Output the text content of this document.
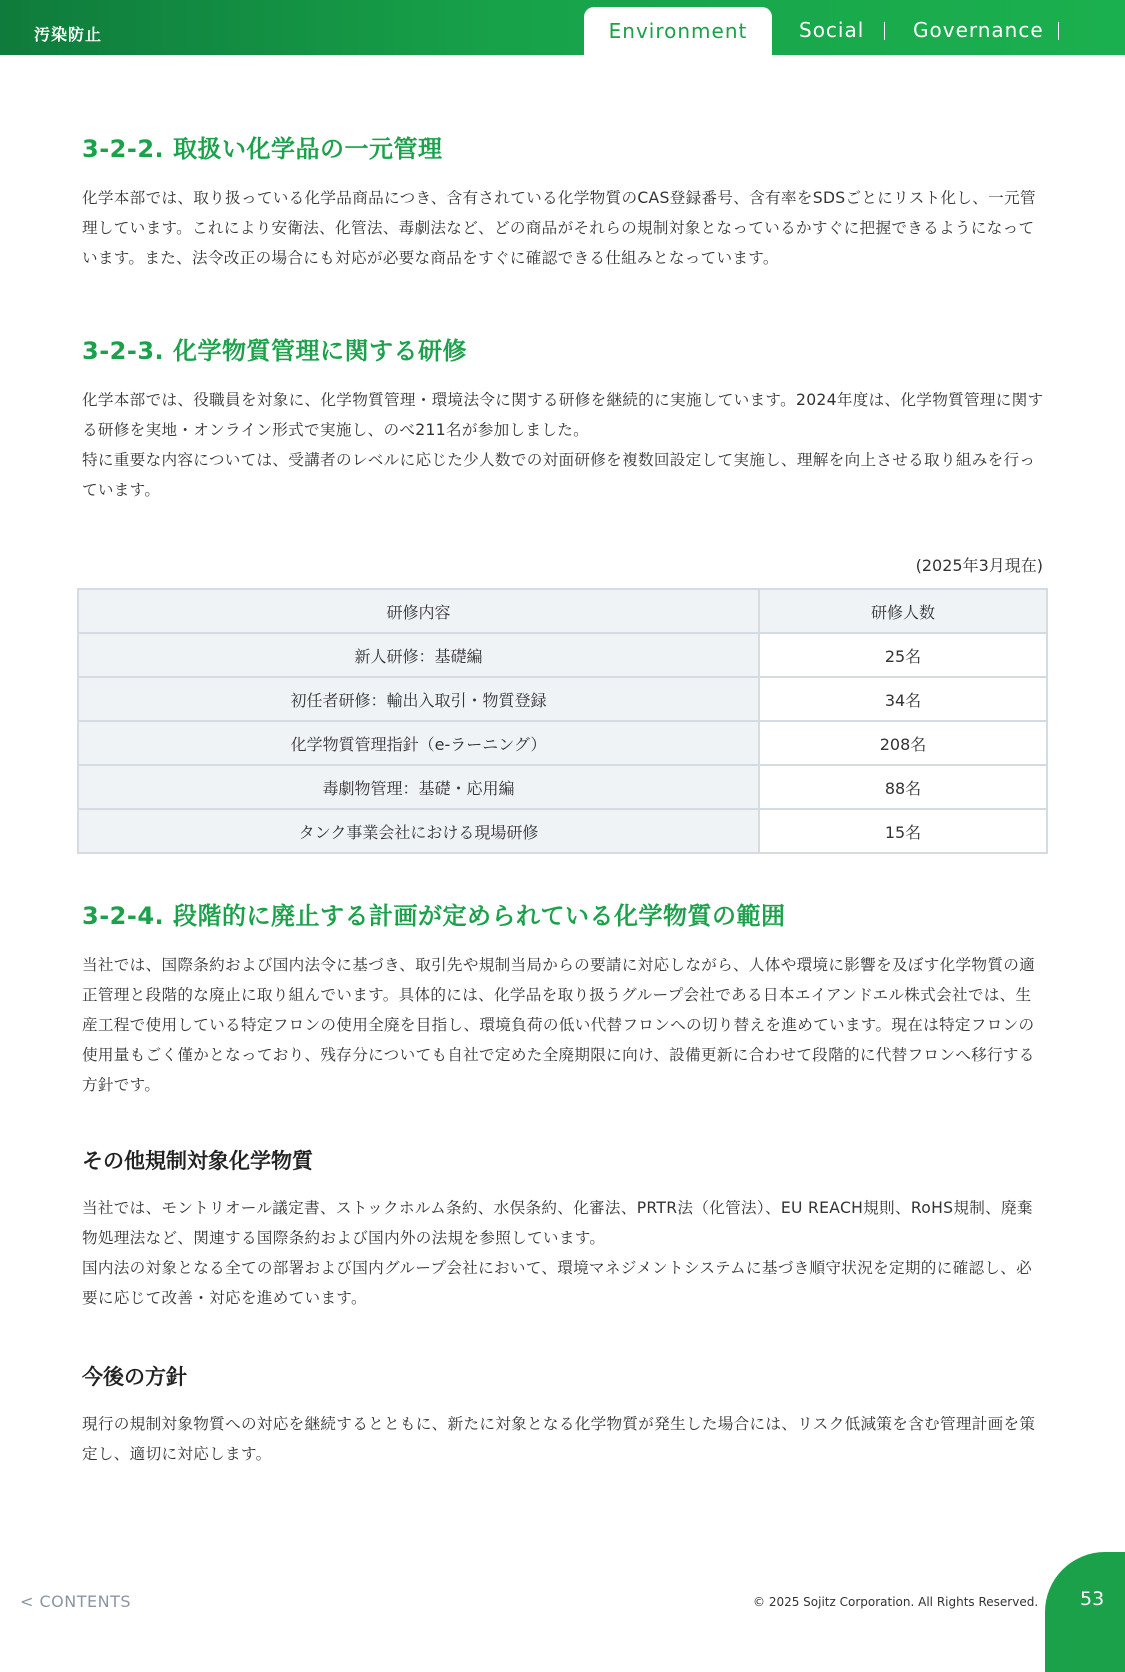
汚染防止	Environment	Social Governance
3-2-2. 取扱い化学品の一元管理

化学本部では、取り扱っている化学品商品につき、含有されている化学物質のCAS登録番号、含有率をSDSごとにリスト化し、一元管理しています。これにより安衛法、化管法、毒劇法など、どの商品がそれらの規制対象となっているかすぐに把握できるようになっています。また、法令改正の場合にも対応が必要な商品をすぐに確認できる仕組みとなっています。

3-2-3. 化学物質管理に関する研修

化学本部では、役職員を対象に、化学物質管理・環境法令に関する研修を継続的に実施しています。2024年度は、化学物質管理に関する研修を実地・オンライン形式で実施し、のべ211名が参加しました。

特に重要な内容については、受講者のレベルに応じた少人数での対面研修を複数回設定して実施し、理解を向上させる取り組みを行っています。

(2025年3月現在)
研修内容	研修人数
新人研修：基礎編	25名
初任者研修：輸出入取引・物質登録	34名
化学物質管理指針（e-ラーニング）	208名
毒劇物管理：基礎・応用編	88名
タンク事業会社における現場研修	15名
3-2-4. 段階的に廃止する計画が定められている化学物質の範囲

当社では、国際条約および国内法令に基づき、取引先や規制当局からの要請に対応しながら、人体や環境に影響を及ぼす化学物質の適正管理と段階的な廃止に取り組んでいます。具体的には、化学品を取り扱うグループ会社である日本エイアンドエル株式会社では、生産工程で使用している特定フロンの使用全廃を目指し、環境負荷の低い代替フロンへの切り替えを進めています。現在は特定フロンの使用量もごく僅かとなっており、残存分についても自社で定めた全廃期限に向け、設備更新に合わせて段階的に代替フロンへ移行する方針です。

その他規制対象化学物質

当社では、モントリオール議定書、ストックホルム条約、水俣条約、化審法、PRTR法（化管法）、EU REACH規則、RoHS規制、廃棄物処理法など、関連する国際条約および国内外の法規を参照しています。

国内法の対象となる全ての部署および国内グループ会社において、環境マネジメントシステムに基づき順守状況を定期的に確認し、必要に応じて改善・対応を進めています。

今後の方針

現行の規制対象物質への対応を継続するとともに、新たに対象となる化学物質が発生した場合には、リスク低減策を含む管理計画を策定し、適切に対応します。

< CONTENTS	© 2025 Sojitz Corporation. All Rights Reserved. 53
